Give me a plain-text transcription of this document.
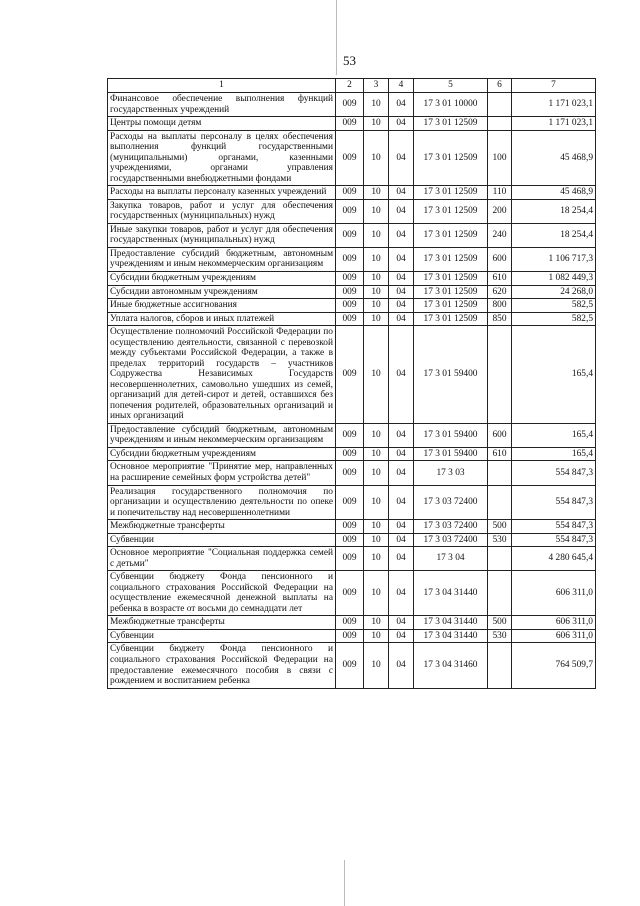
53
1	2	3	4	5	6	7
Финансовое обеспечение выполнения функций государственных учреждений	009	10	04	17 3 01 10000		1 171 023,1
Центры помощи детям	009	10	04	17 3 01 12509		1 171 023,1
Расходы на выплаты персоналу в целях обеспечения выполнения функций государственными (муниципальными) органами, казенными учреждениями, органами управления государственными внебюджетными фондами	009	10	04	17 3 01 12509	100	45 468,9
Расходы на выплаты персоналу казенных учреждений	009	10	04	17 3 01 12509	110	45 468,9
Закупка товаров, работ и услуг для обеспечения государственных (муниципальных) нужд	009	10	04	17 3 01 12509	200	18 254,4
Иные закупки товаров, работ и услуг для обеспечения государственных (муниципальных) нужд	009	10	04	17 3 01 12509	240	18 254,4
Предоставление субсидий бюджетным, автономным учреждениям и иным некоммерческим организациям	009	10	04	17 3 01 12509	600	1 106 717,3
Субсидии бюджетным учреждениям	009	10	04	17 3 01 12509	610	1 082 449,3
Субсидии автономным учреждениям	009	10	04	17 3 01 12509	620	24 268,0
Иные бюджетные ассигнования	009	10	04	17 3 01 12509	800	582,5
Уплата налогов, сборов и иных платежей	009	10	04	17 3 01 12509	850	582,5
Осуществление полномочий Российской Федерации по осуществлению деятельности, связанной с перевозкой между субъектами Российской Федерации, а также в пределах территорий государств – участников Содружества Независимых Государств несовершеннолетних, самовольно ушедших из семей, организаций для детей-сирот и детей, оставшихся без попечения родителей, образовательных организаций и иных организаций	009	10	04	17 3 01 59400		165,4
Предоставление субсидий бюджетным, автономным учреждениям и иным некоммерческим организациям	009	10	04	17 3 01 59400	600	165,4
Субсидии бюджетным учреждениям	009	10	04	17 3 01 59400	610	165,4
Основное мероприятие "Принятие мер, направленных на расширение семейных форм устройства детей"	009	10	04	17 3 03		554 847,3
Реализация государственного полномочия по организации и осуществлению деятельности по опеке и попечительству над несовершеннолетними	009	10	04	17 3 03 72400		554 847,3
Межбюджетные трансферты	009	10	04	17 3 03 72400	500	554 847,3
Субвенции	009	10	04	17 3 03 72400	530	554 847,3
Основное мероприятие "Социальная поддержка семей с детьми"	009	10	04	17 3 04		4 280 645,4
Субвенции бюджету Фонда пенсионного и социального страхования Российской Федерации на осуществление ежемесячной денежной выплаты на ребенка в возрасте от восьми до семнадцати лет	009	10	04	17 3 04 31440		606 311,0
Межбюджетные трансферты	009	10	04	17 3 04 31440	500	606 311,0
Субвенции	009	10	04	17 3 04 31440	530	606 311,0
Субвенции бюджету Фонда пенсионного и социального страхования Российской Федерации на предоставление ежемесячного пособия в связи с рождением и воспитанием ребенка	009	10	04	17 3 04 31460		764 509,7
